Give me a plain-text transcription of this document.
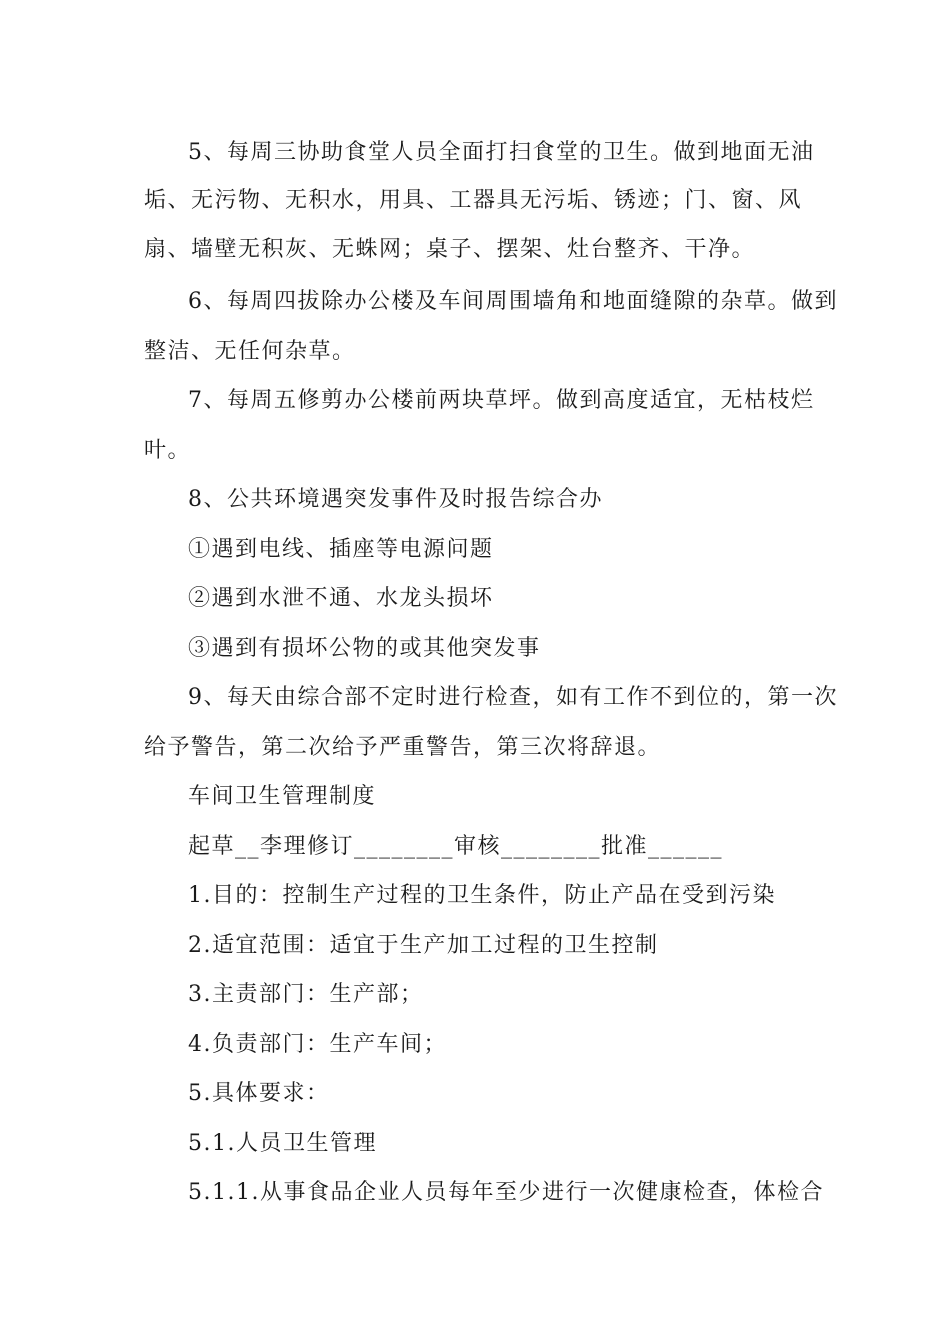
5、每周三协助食堂人员全面打扫食堂的卫生。做到地面无油
垢、无污物、无积水，用具、工器具无污垢、锈迹；门、窗、风
扇、墙壁无积灰、无蛛网；桌子、摆架、灶台整齐、干净。
6、每周四拔除办公楼及车间周围墙角和地面缝隙的杂草。做到
整洁、无任何杂草。
7、每周五修剪办公楼前两块草坪。做到高度适宜，无枯枝烂
叶。
8、公共环境遇突发事件及时报告综合办
①遇到电线、插座等电源问题
②遇到水泄不通、水龙头损坏
③遇到有损坏公物的或其他突发事
9、每天由综合部不定时进行检查，如有工作不到位的，第一次
给予警告，第二次给予严重警告，第三次将辞退。
车间卫生管理制度
起草__李理修订________审核________批准______
1.目的：控制生产过程的卫生条件，防止产品在受到污染
2.适宜范围：适宜于生产加工过程的卫生控制
3.主责部门：生产部；
4.负责部门：生产车间；
5.具体要求：
5.1.人员卫生管理
5.1.1.从事食品企业人员每年至少进行一次健康检查，体检合
